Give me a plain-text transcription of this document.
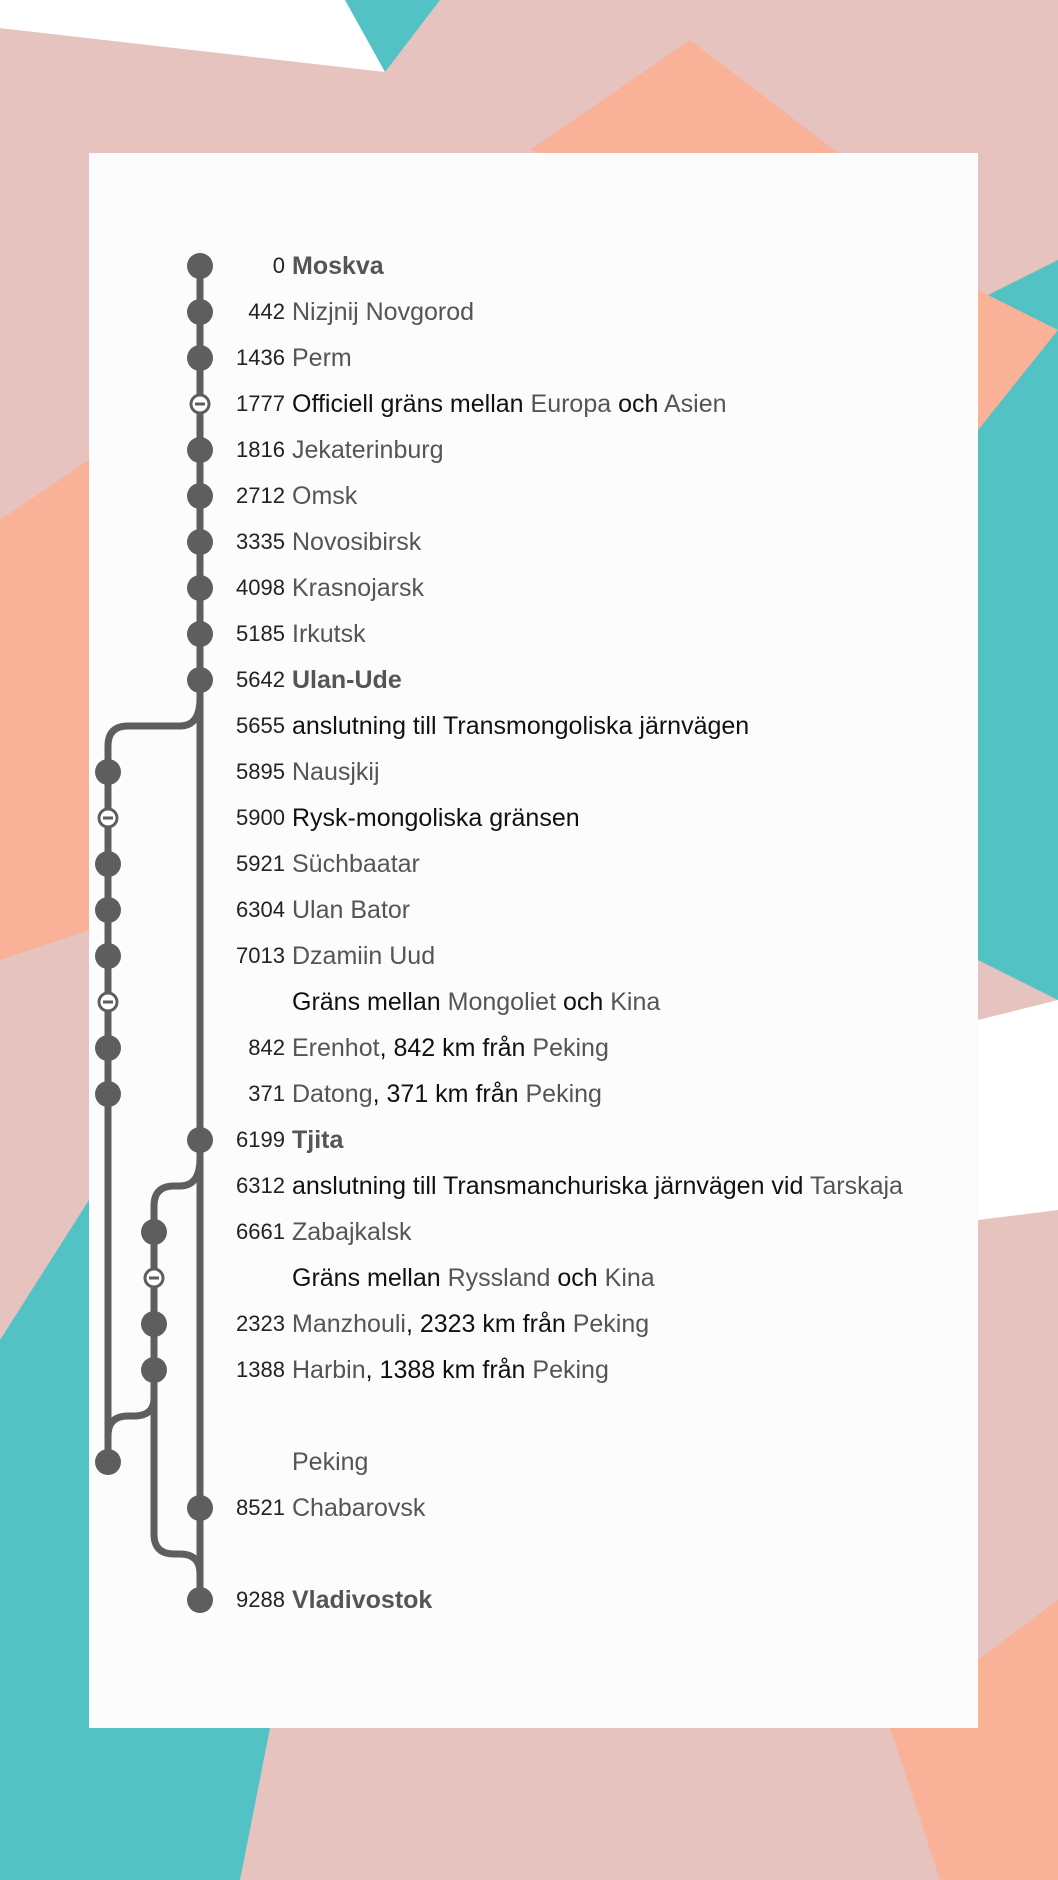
0 Moskva
442 Nizjnij Novgorod
1436 Perm
1777 Officiell gräns mellan Europa och Asien
1816 Jekaterinburg
2712 Omsk
3335 Novosibirsk
4098 Krasnojarsk
5185 Irkutsk
5642 Ulan-Ude
5655 anslutning till Transmongoliska järnvägen
5895 Nausjkij
5900 Rysk-mongoliska gränsen
5921 Süchbaatar
6304 Ulan Bator
7013 Dzamiin Uud
Gräns mellan Mongoliet och Kina
842 Erenhot, 842 km från Peking
371 Datong, 371 km från Peking
6199 Tjita
6312 anslutning till Transmanchuriska järnvägen vid Tarskaja
6661 Zabajkalsk
Gräns mellan Ryssland och Kina
2323 Manzhouli, 2323 km från Peking
1388 Harbin, 1388 km från Peking
Peking
8521 Chabarovsk
9288 Vladivostok
